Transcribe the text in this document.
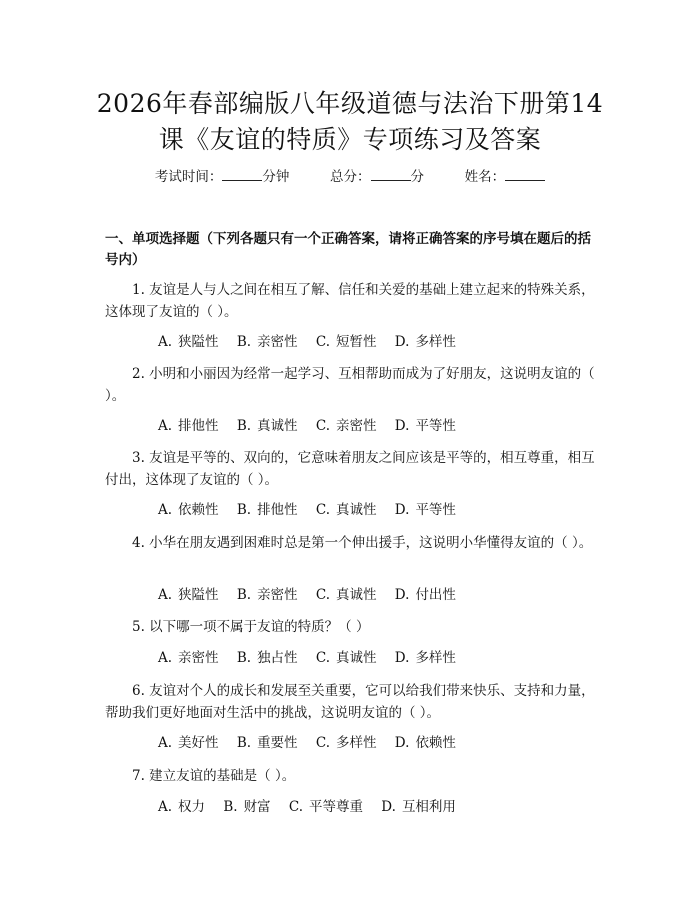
2026年春部编版八年级道德与法治下册第14
课《友谊的特质》专项练习及答案
考试时间：	分钟	总分：	分	姓名：
一、单项选择题（下列各题只有一个正确答案，请将正确答案的序号填在题后的括号内）
1. 友谊是人与人之间在相互了解、信任和关爱的基础上建立起来的特殊关系，这体现了友谊的（ ）。
A. 狭隘性 B. 亲密性 C. 短暂性 D. 多样性
2. 小明和小丽因为经常一起学习、互相帮助而成为了好朋友，这说明友谊的（ ）。
A. 排他性 B. 真诚性 C. 亲密性 D. 平等性
3. 友谊是平等的、双向的，它意味着朋友之间应该是平等的，相互尊重，相互付出，这体现了友谊的（ ）。
A. 依赖性 B. 排他性 C. 真诚性 D. 平等性
4. 小华在朋友遇到困难时总是第一个伸出援手，这说明小华懂得友谊的（ ）。
A. 狭隘性 B. 亲密性 C. 真诚性 D. 付出性
5. 以下哪一项不属于友谊的特质？（ ）
A. 亲密性 B. 独占性 C. 真诚性 D. 多样性
6. 友谊对个人的成长和发展至关重要，它可以给我们带来快乐、支持和力量，帮助我们更好地面对生活中的挑战，这说明友谊的（ ）。
A. 美好性 B. 重要性 C. 多样性 D. 依赖性
7. 建立友谊的基础是（ ）。
A. 权力 B. 财富 C. 平等尊重 D. 互相利用
